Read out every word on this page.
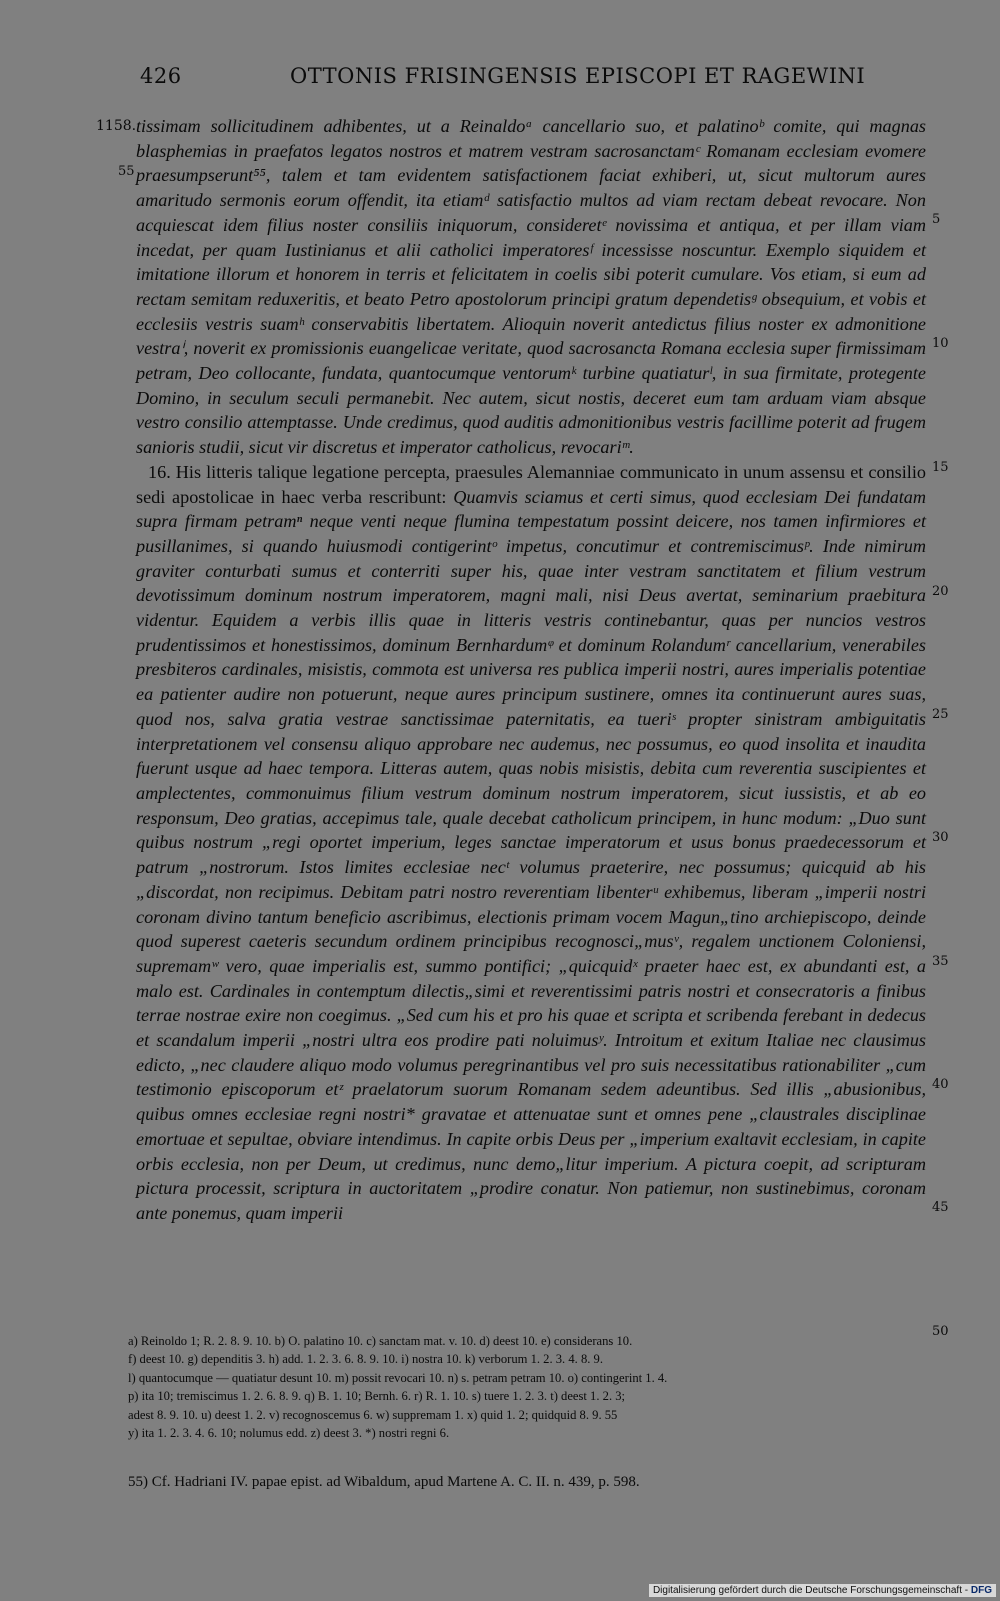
426	OTTONIS FRISINGENSIS EPISCOPI ET RAGEWINI
1158.
55
5
10
15
20
25
30
35
40
45
50

tissimam sollicitudinem adhibentes, ut a Reinaldoᵃ cancellario suo, et palatinoᵇ comite, qui magnas blasphemias in praefatos legatos nostros et matrem vestram sacrosanctamᶜ Romanam ecclesiam evomere praesumpserunt⁵⁵, talem et tam evidentem satisfactionem faciat exhiberi, ut, sicut multorum aures amaritudo sermonis eorum offendit, ita etiamᵈ satisfactio multos ad viam rectam debeat revocare. Non acquiescat idem filius noster consiliis iniquorum, consideretᵉ novissima et antiqua, et per illam viam incedat, per quam Iustinianus et alii catholici imperatoresᶠ incessisse noscuntur. Exemplo siquidem et imitatione illorum et honorem in terris et felicitatem in coelis sibi poterit cumulare. Vos etiam, si eum ad rectam semitam reduxeritis, et beato Petro apostolorum principi gratum dependetisᵍ obsequium, et vobis et ecclesiis vestris suamʰ conservabitis libertatem. Alioquin noverit antedictus filius noster ex admonitione vestraⁱ, noverit ex promissionis euangelicae veritate, quod sacrosancta Romana ecclesia super firmissimam petram, Deo collocante, fundata, quantocumque ventorumᵏ turbine quatiaturˡ, in sua firmitate, protegente Domino, in seculum seculi permanebit. Nec autem, sicut nostis, deceret eum tam arduam viam absque vestro consilio attemptasse. Unde credimus, quod auditis admonitionibus vestris facillime poterit ad frugem sanioris studii, sicut vir discretus et imperator catholicus, revocariᵐ.

16. His litteris talique legatione percepta, praesules Alemanniae communicato in unum assensu et consilio sedi apostolicae in haec verba rescribunt: Quamvis sciamus et certi simus, quod ecclesiam Dei fundatam supra firmam petramⁿ neque venti neque flumina tempestatum possint deicere, nos tamen infirmiores et pusillanimes, si quando huiusmodi contigerintᵒ impetus, concutimur et contremiscimusᵖ. Inde nimirum graviter conturbati sumus et conterriti super his, quae inter vestram sanctitatem et filium vestrum devotissimum dominum nostrum imperatorem, magni mali, nisi Deus avertat, seminarium praebitura videntur. Equidem a verbis illis quae in litteris vestris continebantur, quas per nuncios vestros prudentissimos et honestissimos, dominum Bernhardumᵠ et dominum Rolandumʳ cancellarium, venerabiles presbiteros cardinales, misistis, commota est universa res publica imperii nostri, aures imperialis potentiae ea patienter audire non potuerunt, neque aures principum sustinere, omnes ita continuerunt aures suas, quod nos, salva gratia vestrae sanctissimae paternitatis, ea tueriˢ propter sinistram ambiguitatis interpretationem vel consensu aliquo approbare nec audemus, nec possumus, eo quod insolita et inaudita fuerunt usque ad haec tempora. Litteras autem, quas nobis misistis, debita cum reverentia suscipientes et amplectentes, commonuimus filium vestrum dominum nostrum imperatorem, sicut iussistis, et ab eo responsum, Deo gratias, accepimus tale, quale decebat catholicum principem, in hunc modum: „Duo sunt quibus nostrum „regi oportet imperium, leges sanctae imperatorum et usus bonus praedecessorum et patrum „nostrorum. Istos limites ecclesiae necᵗ volumus praeterire, nec possumus; quicquid ab his „discordat, non recipimus. Debitam patri nostro reverentiam libenterᵘ exhibemus, liberam „imperii nostri coronam divino tantum beneficio ascribimus, electionis primam vocem Magun„tino archiepiscopo, deinde quod superest caeteris secundum ordinem principibus recognosci„musᵛ, regalem unctionem Coloniensi, supremamʷ vero, quae imperialis est, summo pontifici; „quicquidˣ praeter haec est, ex abundanti est, a malo est. Cardinales in contemptum dilectis„simi et reverentissimi patris nostri et consecratoris a finibus terrae nostrae exire non coegimus. „Sed cum his et pro his quae et scripta et scribenda ferebant in dedecus et scandalum imperii „nostri ultra eos prodire pati noluimusʸ. Introitum et exitum Italiae nec clausimus edicto, „nec claudere aliquo modo volumus peregrinantibus vel pro suis necessitatibus rationabiliter „cum testimonio episcoporum etᶻ praelatorum suorum Romanam sedem adeuntibus. Sed illis „abusionibus, quibus omnes ecclesiae regni nostri* gravatae et attenuatae sunt et omnes pene „claustrales disciplinae emortuae et sepultae, obviare intendimus. In capite orbis Deus per „imperium exaltavit ecclesiam, in capite orbis ecclesia, non per Deum, ut credimus, nunc demo„litur imperium. A pictura coepit, ad scripturam pictura processit, scriptura in auctoritatem „prodire conatur. Non patiemur, non sustinebimus, coronam ante ponemus, quam imperii

a) Reinoldo 1; R. 2. 8. 9. 10. b) O. palatino 10. c) sanctam mat. v. 10. d) deest 10. e) considerans 10.
f) deest 10. g) dependitis 3. h) add. 1. 2. 3. 6. 8. 9. 10. i) nostra 10. k) verborum 1. 2. 3. 4. 8. 9.
l) quantocumque — quatiatur desunt 10. m) possit revocari 10. n) s. petram petram 10. o) contingerint 1. 4.
p) ita 10; tremiscimus 1. 2. 6. 8. 9. q) B. 1. 10; Bernh. 6. r) R. 1. 10. s) tuere 1. 2. 3. t) deest 1. 2. 3;
adest 8. 9. 10. u) deest 1. 2. v) recognoscemus 6. w) suppremam 1. x) quid 1. 2; quidquid 8. 9. 55
y) ita 1. 2. 3. 4. 6. 10; nolumus edd. z) deest 3. *) nostri regni 6.
55) Cf. Hadriani IV. papae epist. ad Wibaldum, apud Martene A. C. II. n. 439, p. 598.
Digitalisierung gefördert durch die Deutsche Forschungsgemeinschaft - DFG
